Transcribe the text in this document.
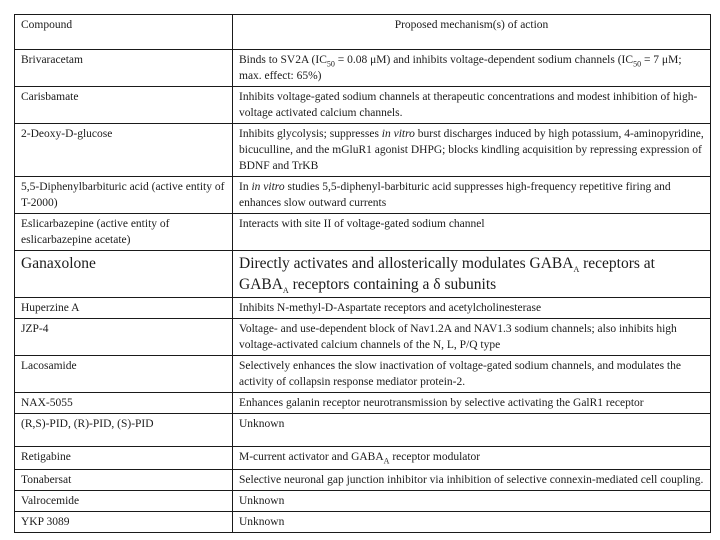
Compound	Proposed mechanism(s) of action
Brivaracetam	Binds to SV2A ($IC_{50} = 0.08$ μM) and inhibits voltage-dependent sodium channels ($IC_{50} = 7$ μM; max. effect: 65%)
Carisbamate	Inhibits voltage-gated sodium channels at therapeutic concentrations and modest inhibition of high-voltage activated calcium channels.
2-Deoxy-D-glucose	Inhibits glycolysis; suppresses in vitro burst discharges induced by high potassium, 4-aminopyridine, bicuculline, and the mGluR1 agonist DHPG; blocks kindling acquisition by repressing expression of BDNF and TrKB
5,5-Diphenylbarbituric acid (active entity of T-2000)	In in vitro studies 5,5-diphenyl-barbituric acid suppresses high-frequency repetitive firing and enhances slow outward currents
Eslicarbazepine (active entity of eslicarbazepine acetate)	Interacts with site II of voltage-gated sodium channel
Ganaxolone	Directly activates and allosterically modulates $GABA_A$ receptors at $GABA_A$ receptors containing a δ subunits
Huperzine A	Inhibits N-methyl-D-Aspartate receptors and acetylcholinesterase
JZP-4	Voltage- and use-dependent block of Nav1.2A and NAV1.3 sodium channels; also inhibits high voltage-activated calcium channels of the N, L, P/Q type
Lacosamide	Selectively enhances the slow inactivation of voltage-gated sodium channels, and modulates the activity of collapsin response mediator protein-2.
NAX-5055	Enhances galanin receptor neurotransmission by selective activating the GalR1 receptor
(R,S)-PID, (R)-PID, (S)-PID	Unknown
Retigabine	M-current activator and $GABA_A$ receptor modulator
Tonabersat	Selective neuronal gap junction inhibitor via inhibition of selective connexin-mediated cell coupling.
Valrocemide	Unknown
YKP 3089	Unknown
